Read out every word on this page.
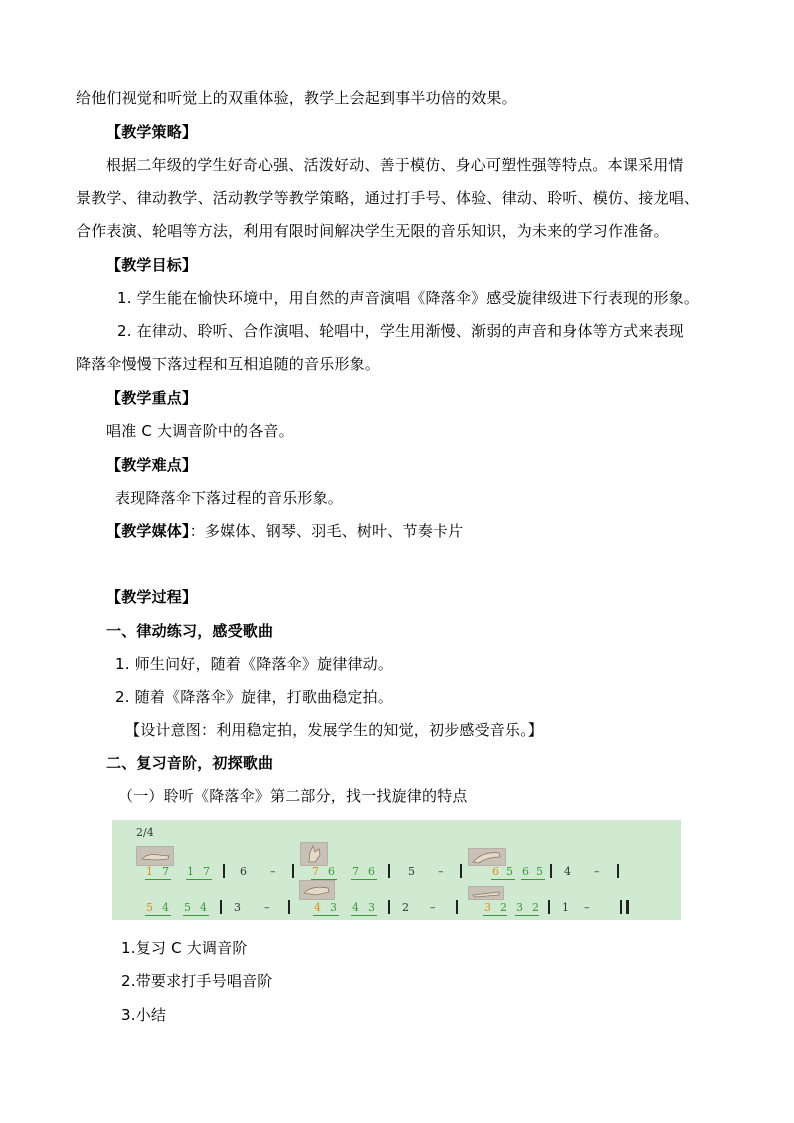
给他们视觉和听觉上的双重体验，教学上会起到事半功倍的效果。
【教学策略】
根据二年级的学生好奇心强、活泼好动、善于模仿、身心可塑性强等特点。本课采用情
景教学、律动教学、活动教学等教学策略，通过打手号、体验、律动、聆听、模仿、接龙唱、
合作表演、轮唱等方法，利用有限时间解决学生无限的音乐知识，为未来的学习作准备。
【教学目标】
1. 学生能在愉快环境中，用自然的声音演唱《降落伞》感受旋律级进下行表现的形象。
2. 在律动、聆听、合作演唱、轮唱中，学生用渐慢、渐弱的声音和身体等方式来表现
降落伞慢慢下落过程和互相追随的音乐形象。
【教学重点】
唱准 C 大调音阶中的各音。
【教学难点】
表现降落伞下落过程的音乐形象。
【教学媒体】：多媒体、钢琴、羽毛、树叶、节奏卡片
【教学过程】
一、律动练习，感受歌曲
1. 师生问好，随着《降落伞》旋律律动。
2. 随着《降落伞》旋律，打歌曲稳定拍。
【设计意图：利用稳定拍，发展学生的知觉，初步感受音乐。】
二、复习音阶，初探歌曲
（一）聆听《降落伞》第二部分，找一找旋律的特点
2/4
1 7 1 7	6 –	7 6 7 6	5 –	6 5 6 5 4 –
5 4 5 4 3 –	4 3 4 3 2 –	3 2 3 2 1 –
1.复习 C 大调音阶
2.带要求打手号唱音阶
3.小结
